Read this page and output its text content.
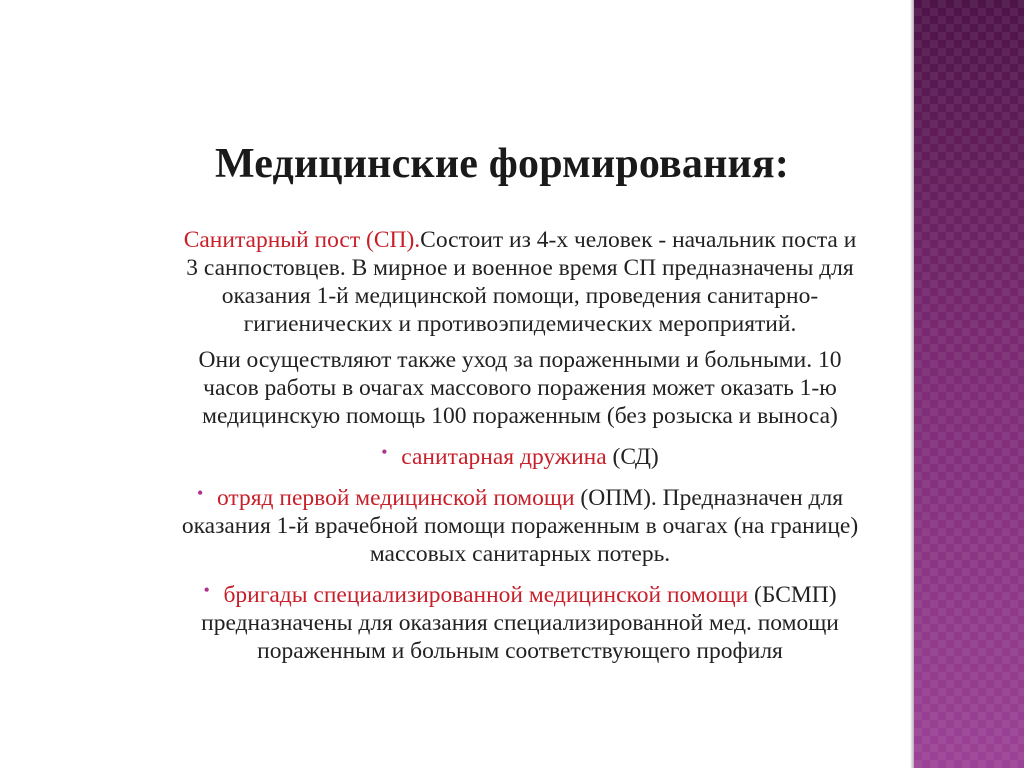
Медицинские формирования:

Санитарный пост (СП).Состоит из 4-х человек - начальник поста и
3 санпостовцев. В мирное и военное время СП предназначены для
оказания 1-й медицинской помощи, проведения санитарно-
гигиенических и противоэпидемических мероприятий.

Они осуществляют также уход за пораженными и больными. 10
часов работы в очагах массового поражения может оказать 1-ю
медицинскую помощь 100 пораженным (без розыска и выноса)

• санитарная дружина (СД)

• отряд первой медицинской помощи (ОПМ). Предназначен для
оказания 1-й врачебной помощи пораженным в очагах (на границе)
массовых санитарных потерь.

• бригады специализированной медицинской помощи (БСМП)
предназначены для оказания специализированной мед. помощи
пораженным и больным соответствующего профиля
